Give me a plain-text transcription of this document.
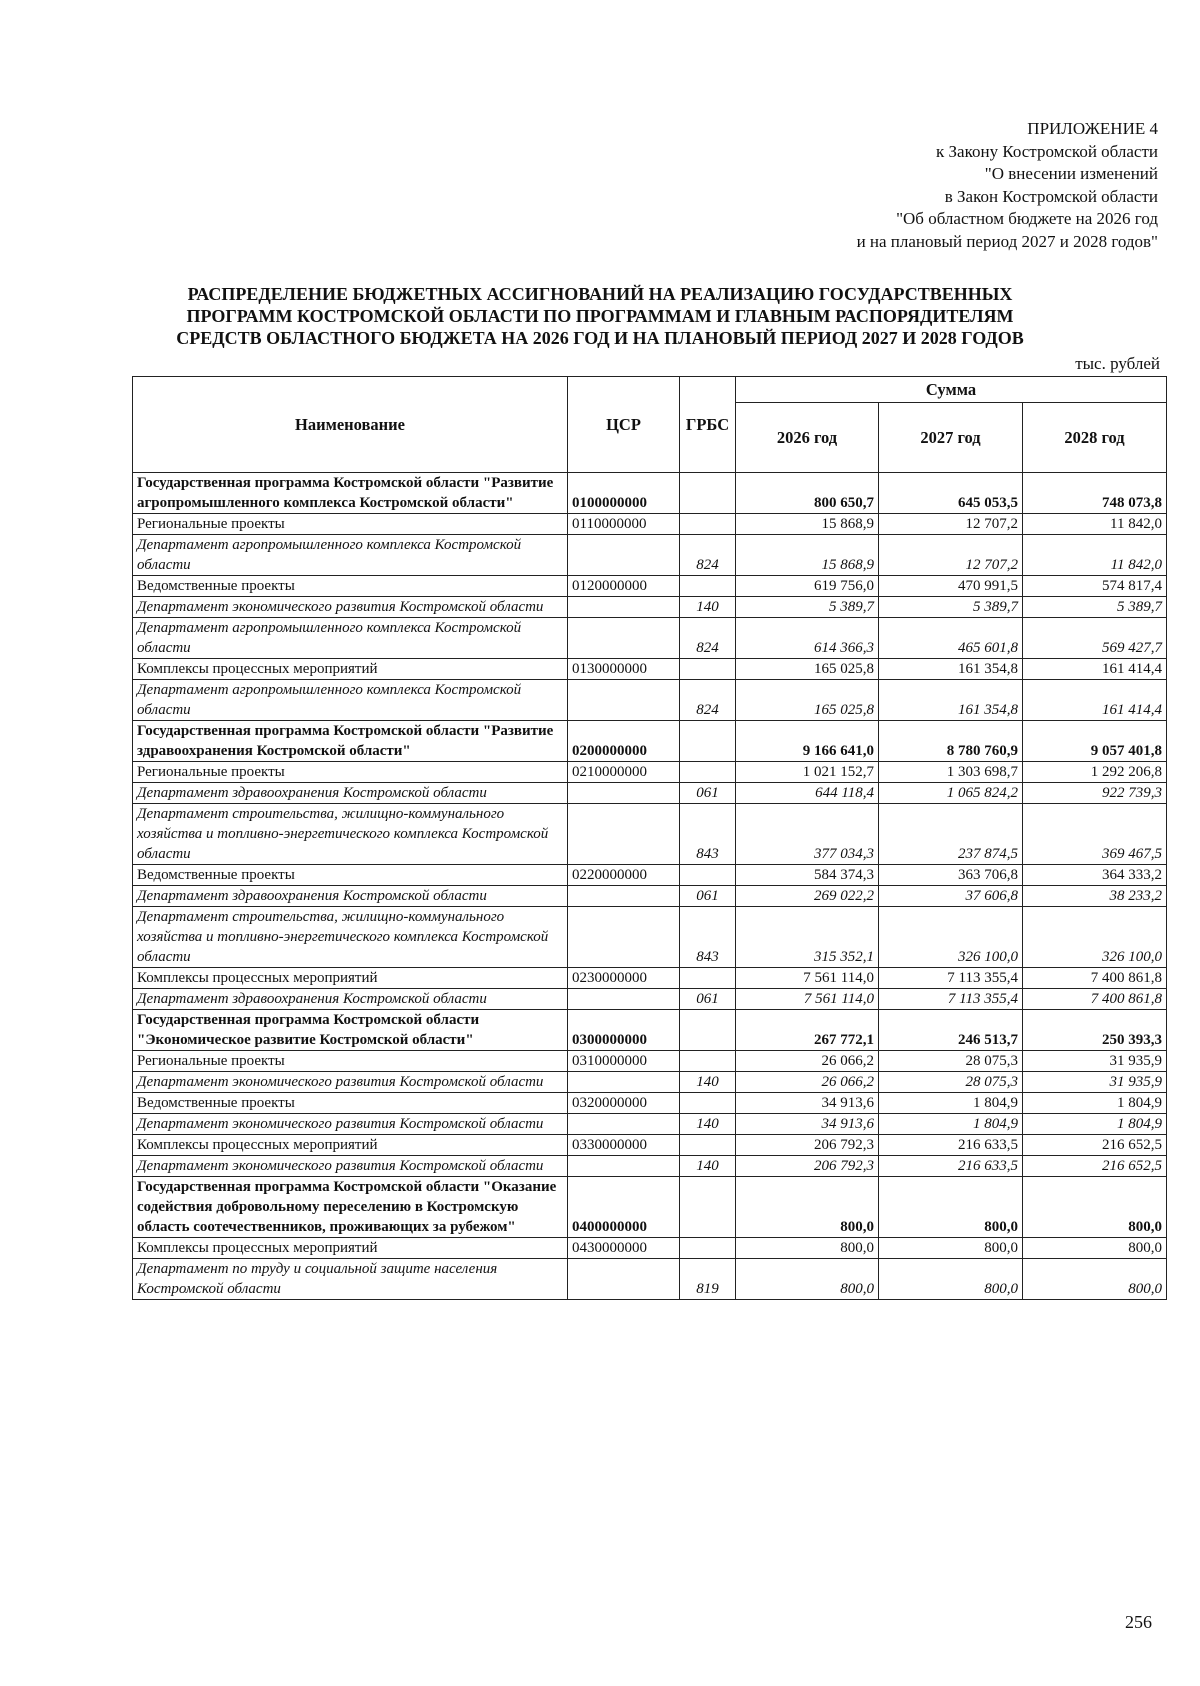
ПРИЛОЖЕНИЕ 4
к Закону Костромской области
"О внесении изменений
в Закон Костромской области
"Об областном бюджете на 2026 год
и на плановый период 2027 и 2028 годов"
РАСПРЕДЕЛЕНИЕ БЮДЖЕТНЫХ АССИГНОВАНИЙ НА РЕАЛИЗАЦИЮ ГОСУДАРСТВЕННЫХ
ПРОГРАММ КОСТРОМСКОЙ ОБЛАСТИ ПО ПРОГРАММАМ И ГЛАВНЫМ РАСПОРЯДИТЕЛЯМ
СРЕДСТВ ОБЛАСТНОГО БЮДЖЕТА НА 2026 ГОД И НА ПЛАНОВЫЙ ПЕРИОД 2027 И 2028 ГОДОВ
тыс. рублей
Наименование	ЦСР	ГРБС	Сумма		
			2026 год	2027 год	2028 год
Государственная программа Костромской области "Развитие агропромышленного комплекса Костромской области"	0100000000		800 650,7	645 053,5	748 073,8
Региональные проекты	0110000000		15 868,9	12 707,2	11 842,0
Департамент агропромышленного комплекса Костромской области		824	15 868,9	12 707,2	11 842,0
Ведомственные проекты	0120000000		619 756,0	470 991,5	574 817,4
Департамент экономического развития Костромской области		140	5 389,7	5 389,7	5 389,7
Департамент агропромышленного комплекса Костромской области		824	614 366,3	465 601,8	569 427,7
Комплексы процессных мероприятий	0130000000		165 025,8	161 354,8	161 414,4
Департамент агропромышленного комплекса Костромской области		824	165 025,8	161 354,8	161 414,4
Государственная программа Костромской области "Развитие здравоохранения Костромской области"	0200000000		9 166 641,0	8 780 760,9	9 057 401,8
Региональные проекты	0210000000		1 021 152,7	1 303 698,7	1 292 206,8
Департамент здравоохранения Костромской области		061	644 118,4	1 065 824,2	922 739,3
Департамент строительства, жилищно-коммунального хозяйства и топливно-энергетического комплекса Костромской области		843	377 034,3	237 874,5	369 467,5
Ведомственные проекты	0220000000		584 374,3	363 706,8	364 333,2
Департамент здравоохранения Костромской области		061	269 022,2	37 606,8	38 233,2
Департамент строительства, жилищно-коммунального хозяйства и топливно-энергетического комплекса Костромской области		843	315 352,1	326 100,0	326 100,0
Комплексы процессных мероприятий	0230000000		7 561 114,0	7 113 355,4	7 400 861,8
Департамент здравоохранения Костромской области		061	7 561 114,0	7 113 355,4	7 400 861,8
Государственная программа Костромской области "Экономическое развитие Костромской области"	0300000000		267 772,1	246 513,7	250 393,3
Региональные проекты	0310000000		26 066,2	28 075,3	31 935,9
Департамент экономического развития Костромской области		140	26 066,2	28 075,3	31 935,9
Ведомственные проекты	0320000000		34 913,6	1 804,9	1 804,9
Департамент экономического развития Костромской области		140	34 913,6	1 804,9	1 804,9
Комплексы процессных мероприятий	0330000000		206 792,3	216 633,5	216 652,5
Департамент экономического развития Костромской области		140	206 792,3	216 633,5	216 652,5
Государственная программа Костромской области "Оказание содействия добровольному переселению в Костромскую область соотечественников, проживающих за рубежом"	0400000000		800,0	800,0	800,0
Комплексы процессных мероприятий	0430000000		800,0	800,0	800,0
Департамент по труду и социальной защите населения Костромской области		819	800,0	800,0	800,0
256
